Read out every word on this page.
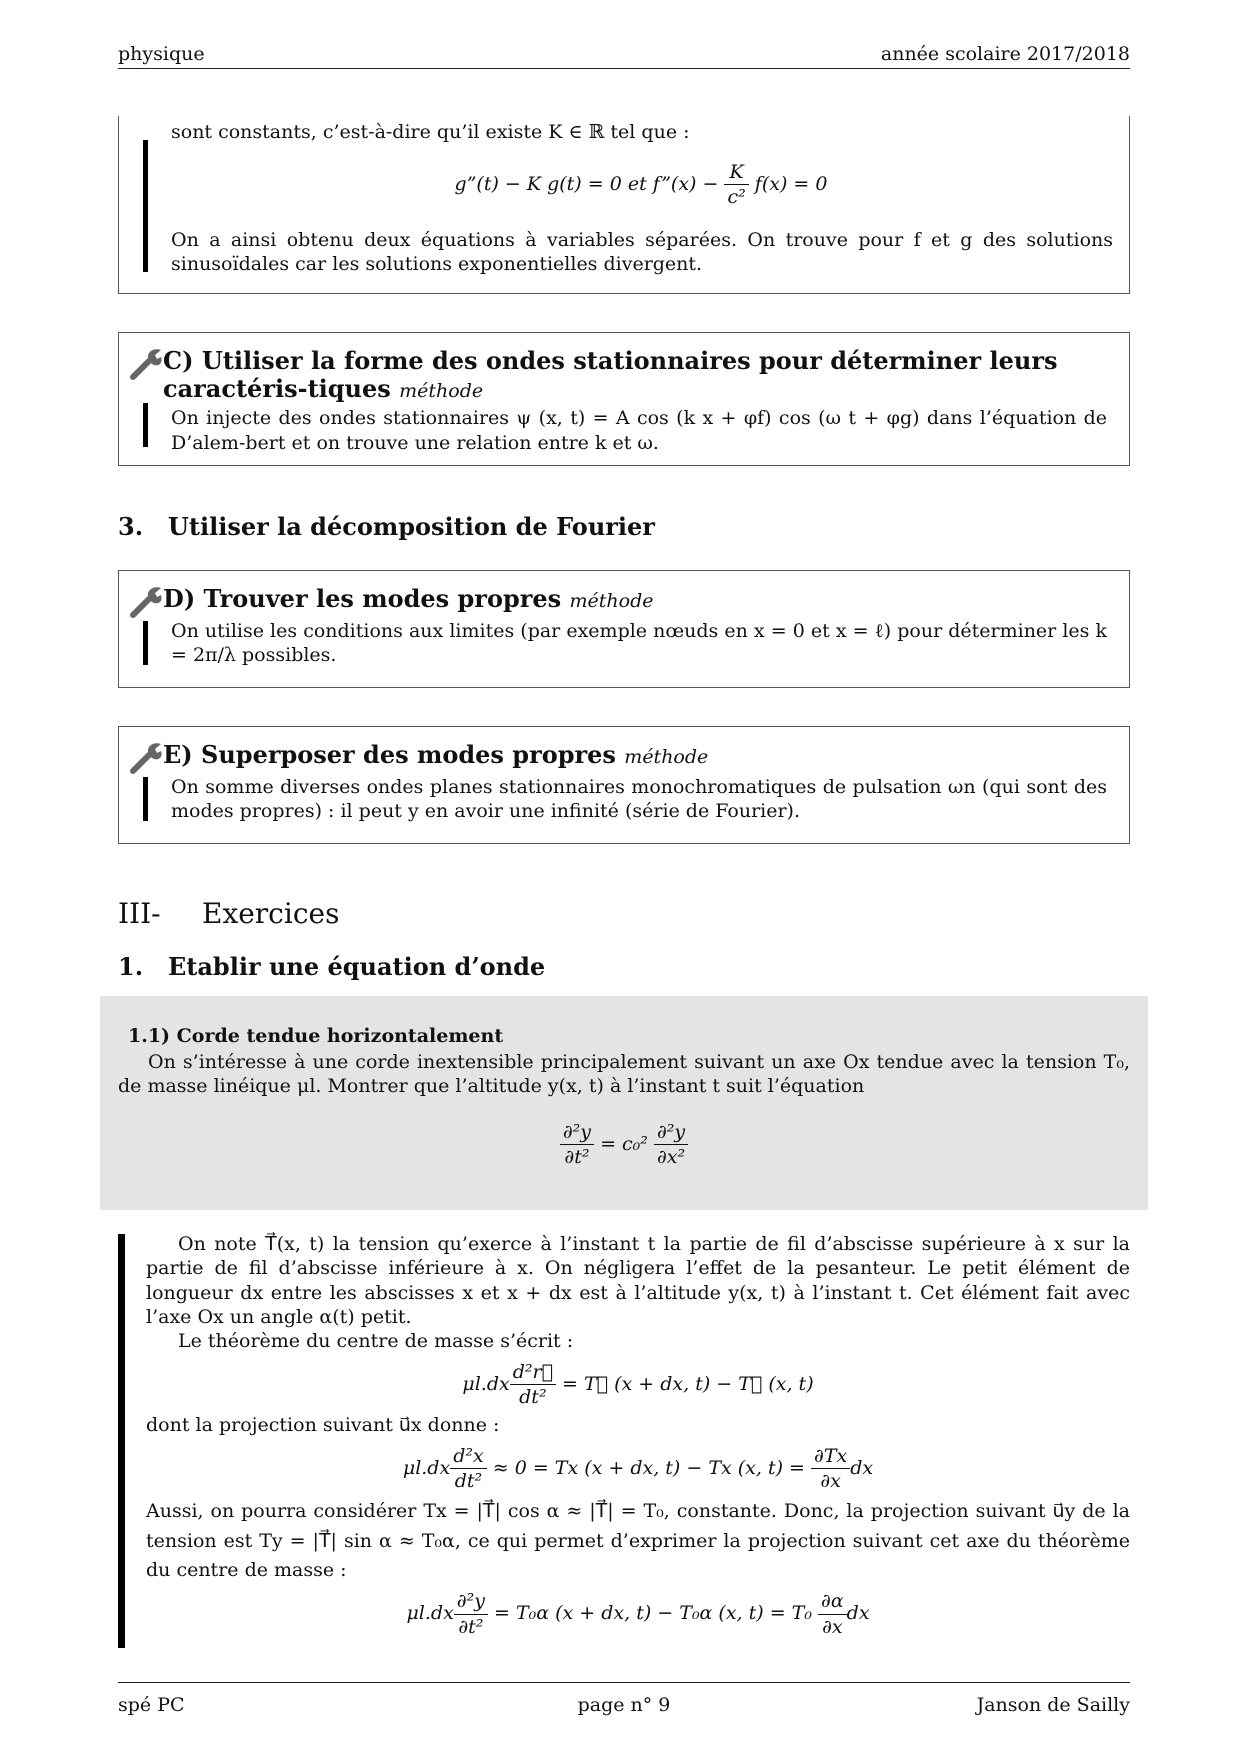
physique	année scolaire 2017/2018
sont constants, c’est-à-dire qu’il existe K ∈ ℝ tel que :
g”(t) − K g(t) = 0 et f”(x) − $\frac{K}{\text{c²}} f(x) = 0$
On a ainsi obtenu deux équations à variables séparées. On trouve pour f et g des solutions sinusoïdales car les solutions exponentielles divergent.
C) Utiliser la forme des ondes stationnaires pour déterminer leurs caractéris-tiques méthode
On injecte des ondes stationnaires ψ (x, t) = A cos (k x + φf) cos (ω t + φg) dans l’équation de D’alem-bert et on trouve une relation entre k et ω.
3. Utiliser la décomposition de Fourier
D) Trouver les modes propres méthode
On utilise les conditions aux limites (par exemple nœuds en x = 0 et x = ℓ) pour déterminer les k = 2π/λ possibles.
E) Superposer des modes propres méthode
On somme diverses ondes planes stationnaires monochromatiques de pulsation ωn (qui sont des modes propres) : il peut y en avoir une infinité (série de Fourier).
III- Exercices
1. Etablir une équation d’onde
1.1) Corde tendue horizontalement
On s’intéresse à une corde inextensible principalement suivant un axe Ox tendue avec la tension T₀, de masse linéique μl. Montrer que l’altitude y(x, t) à l’instant t suit l’équation
$\frac{\text{∂²y}}{\text{∂t²}} = c_0^2 \frac{\text{∂²y}}{\text{∂x²}}$
On note T⃗(x, t) la tension qu’exerce à l’instant t la partie de fil d’abscisse supérieure à x sur la partie de fil d’abscisse inférieure à x. On négligera l’effet de la pesanteur. Le petit élément de longueur dx entre les abscisses x et x + dx est à l’altitude y(x, t) à l’instant t. Cet élément fait avec l’axe Ox un angle α(t) petit.
Le théorème du centre de masse s’écrit :
$\mu l.dx \frac{\text{d²r⃗}}{\text{dt²}}$ = T⃗ (x + dx, t) − T⃗ (x, t)
dont la projection suivant u⃗x donne :
$\mu l.dx \frac{\text{d²x}}{\text{dt²}} \approx 0 = Tx$ (x + dx, t) − Tx (x, $t) = \frac{\partial Tx}{\partial x}$ dx
Aussi, on pourra considérer Tx = |T⃗| cos α ≈ |T⃗| = T₀, constante. Donc, la projection suivant u⃗y de la tension est Ty = |T⃗| sin α ≈ T₀α, ce qui permet d’exprimer la projection suivant cet axe du théorème du centre de masse :
$\mu l.dx \frac{\text{∂²y}}{\text{∂t²}} = T_0\alpha$ (x + dx, t) − T₀α (x, $t) = T_0 \frac{\partial\alpha}{\partial x}$ dx
spé PC	page n° 9	Janson de Sailly
